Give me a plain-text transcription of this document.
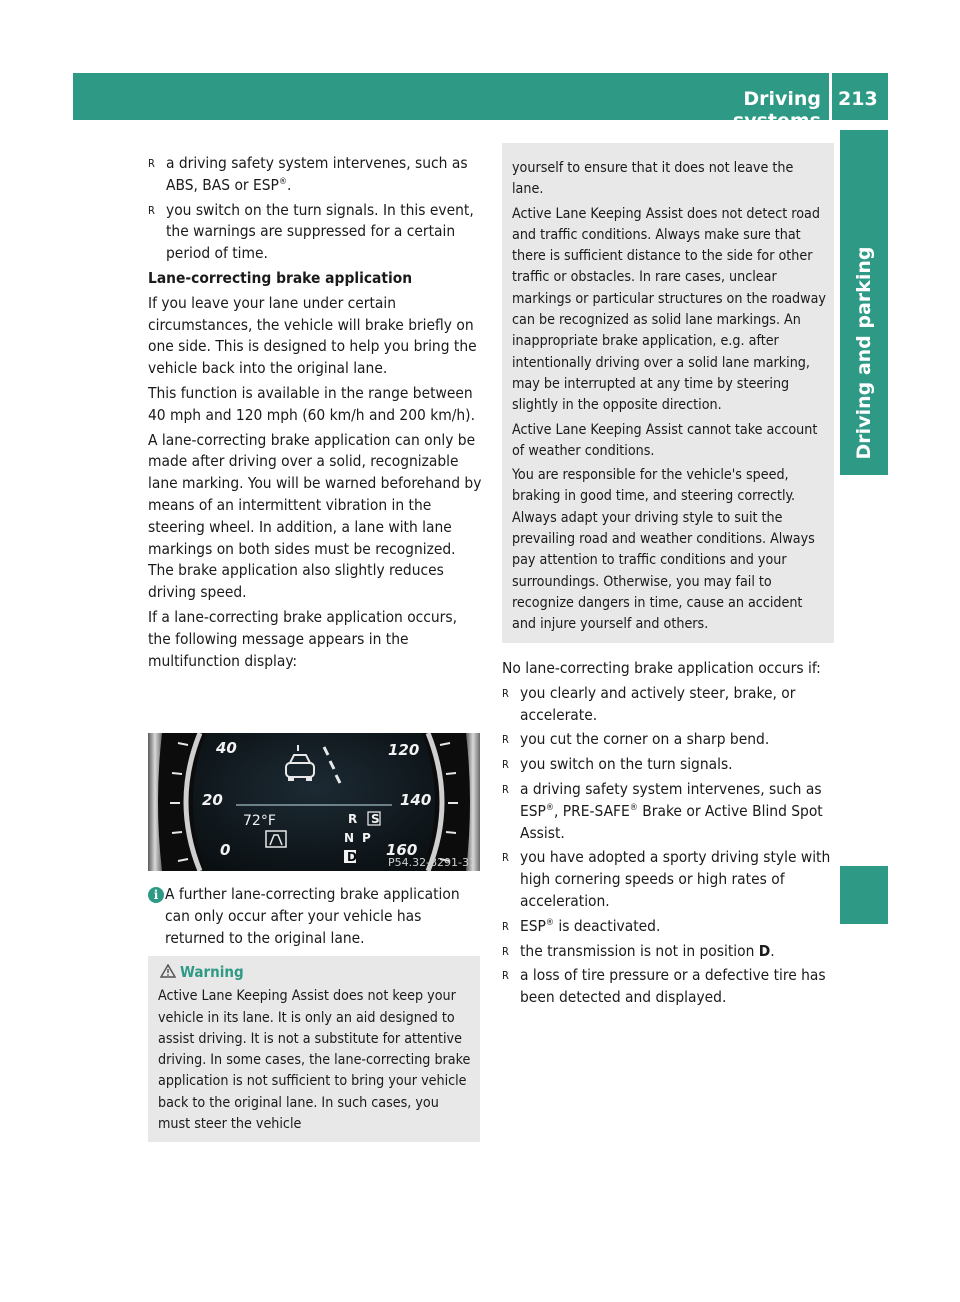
Driving systems
213
Driving and parking
R a driving safety system intervenes, such as ABS, BAS or ESP®.
R you switch on the turn signals. In this event, the warnings are suppressed for a certain period of time.

Lane-correcting brake application

If you leave your lane under certain circumstances, the vehicle will brake briefly on one side. This is designed to help you bring the vehicle back into the original lane.

This function is available in the range between 40 mph and 120 mph (60 km/h and 200 km/h).

A lane-correcting brake application can only be made after driving over a solid, recognizable lane marking. You will be warned beforehand by means of an intermittent vibration in the steering wheel. In addition, a lane with lane markings on both sides must be recognized. The brake application also slightly reduces driving speed.

If a lane-correcting brake application occurs, the following message appears in the multifunction display:

40
20
0
120
140
160
72°F	R S
N P
D	P54.32-8291-31
i A further lane-correcting brake application can only occur after your vehicle has returned to the original lane.

Warning

Active Lane Keeping Assist does not keep your vehicle in its lane. It is only an aid designed to assist driving. It is not a substitute for attentive driving. In some cases, the lane-correcting brake application is not sufficient to bring your vehicle back to the original lane. In such cases, you must steer the vehicle

yourself to ensure that it does not leave the lane.

Active Lane Keeping Assist does not detect road and traffic conditions. Always make sure that there is sufficient distance to the side for other traffic or obstacles. In rare cases, unclear markings or particular structures on the roadway can be recognized as solid lane markings. An inappropriate brake application, e.g. after intentionally driving over a solid lane marking, may be interrupted at any time by steering slightly in the opposite direction.

Active Lane Keeping Assist cannot take account of weather conditions.

You are responsible for the vehicle's speed, braking in good time, and steering correctly. Always adapt your driving style to suit the prevailing road and weather conditions. Always pay attention to traffic conditions and your surroundings. Otherwise, you may fail to recognize dangers in time, cause an accident and injure yourself and others.

No lane-correcting brake application occurs if:

R you clearly and actively steer, brake, or accelerate.
R you cut the corner on a sharp bend.
R you switch on the turn signals.
R a driving safety system intervenes, such as ESP®, PRE-SAFE® Brake or Active Blind Spot Assist.
R you have adopted a sporty driving style with high cornering speeds or high rates of acceleration.
R ESP® is deactivated.
R the transmission is not in position D.
R a loss of tire pressure or a defective tire has been detected and displayed.
